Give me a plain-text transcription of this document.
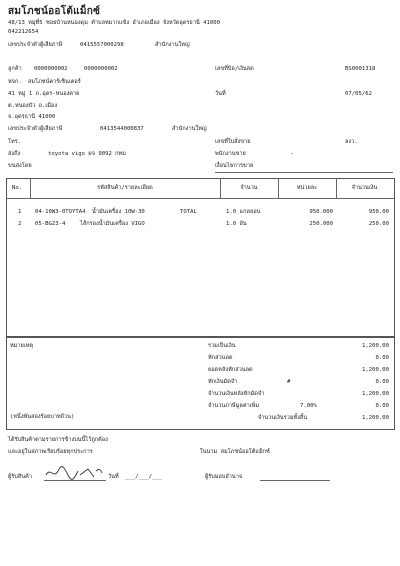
สมโภชน์ออโต้แม็กซ์
48/13 หมู่ที่5 ซอยบ้านหนองดุม ตำบลหมากแข้ง อำเภอเมือง จังหวัดอุดรธานี 41000
042212654
เลขประจำตัวผู้เสียภาษี	0415557000298	สำนักงานใหญ่
ลูกค้า 0000000002	0000000002
หจก. สมโภชน์คาร์เซ็นเตอร์
41 หมู่ 1 ถ.อุดร-หนองคาย
ต.หนองบัว อ.เมือง
จ.อุดรธานี 41000
เลขประจำตัวผู้เสียภาษี	0413544000837	สำนักงานใหญ่
โทร.
ส่งถึง	toyota vigo ผจ 9092 กทม
ขนส่งโดย
เลขที่บิล/เงินสด	BS0001318
วันที่	07/05/62
เลขที่ใบสั่งขาย	ลงว.
พนักงานขาย	-
เงื่อนไขการขาย
No.	รหัสสินค้า/รายละเอียด	จำนวน	หน่วยละ	จำนวนเงิน
1 04-10W3-0TOYTA4 น้ำมันเครื่อง 10W-30	TOTAL	1.0 แกลลอน	950.000	950.00
2 05-BG23-4	ไส้กรองน้ำมันเครื่อง VIGO	1.0 อัน	250.000	250.00
หมายเหตุ
(หนึ่งพันสองร้อยบาทถ้วน)
รวมเป็นเงิน	1,200.00
หักส่วนลด	0.00
ยอดหลังหักส่วนลด	1,200.00
หักเงินมัดจำ	#	0.00
จำนวนเงินหลังหักมัดจำ	1,200.00
จำนวนภาษีมูลค่าเพิ่ม	7.00%	0.00
จำนวนเงินรวมทั้งสิ้น	1,200.00
ได้รับสินค้าตามรายการข้างบนนี้ไว้ถูกต้อง
และอยู่ในสภาพเรียบร้อยทุกประการ	ในนาม สมโภชน์ออโต้แม็กซ์
ผู้รับสินค้า	วันที่ ___/___/___	ผู้รับมอบอำนาจ
